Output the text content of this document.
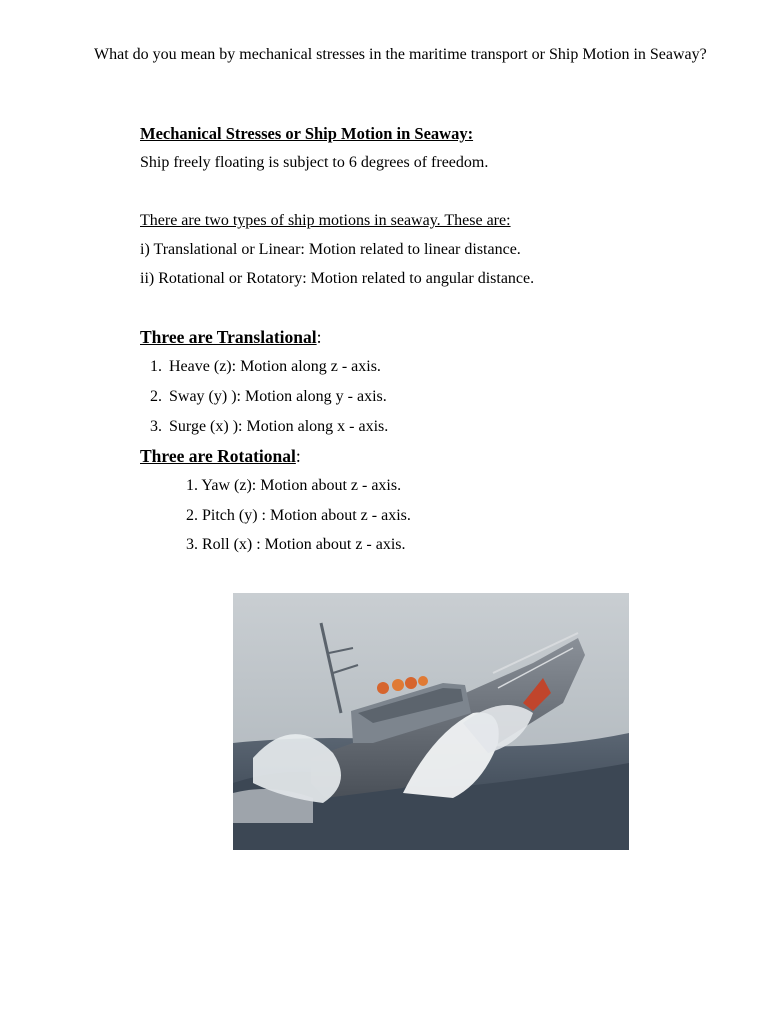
What do you mean by mechanical stresses in the maritime transport or Ship Motion in Seaway?
Mechanical Stresses or Ship Motion in Seaway:
Ship freely floating is subject to 6 degrees of freedom.
There are two types of ship motions in seaway. These are:
i) Translational or Linear: Motion related to linear distance.
ii) Rotational or Rotatory: Motion related to angular distance.
Three are Translational:
1. Heave (z): Motion along z - axis.
2. Sway (y) ): Motion along y - axis.
3. Surge (x) ): Motion along x - axis.
Three are Rotational:
1. Yaw (z): Motion about z - axis.
2. Pitch (y) : Motion about z - axis.
3. Roll (x) : Motion about z - axis.
